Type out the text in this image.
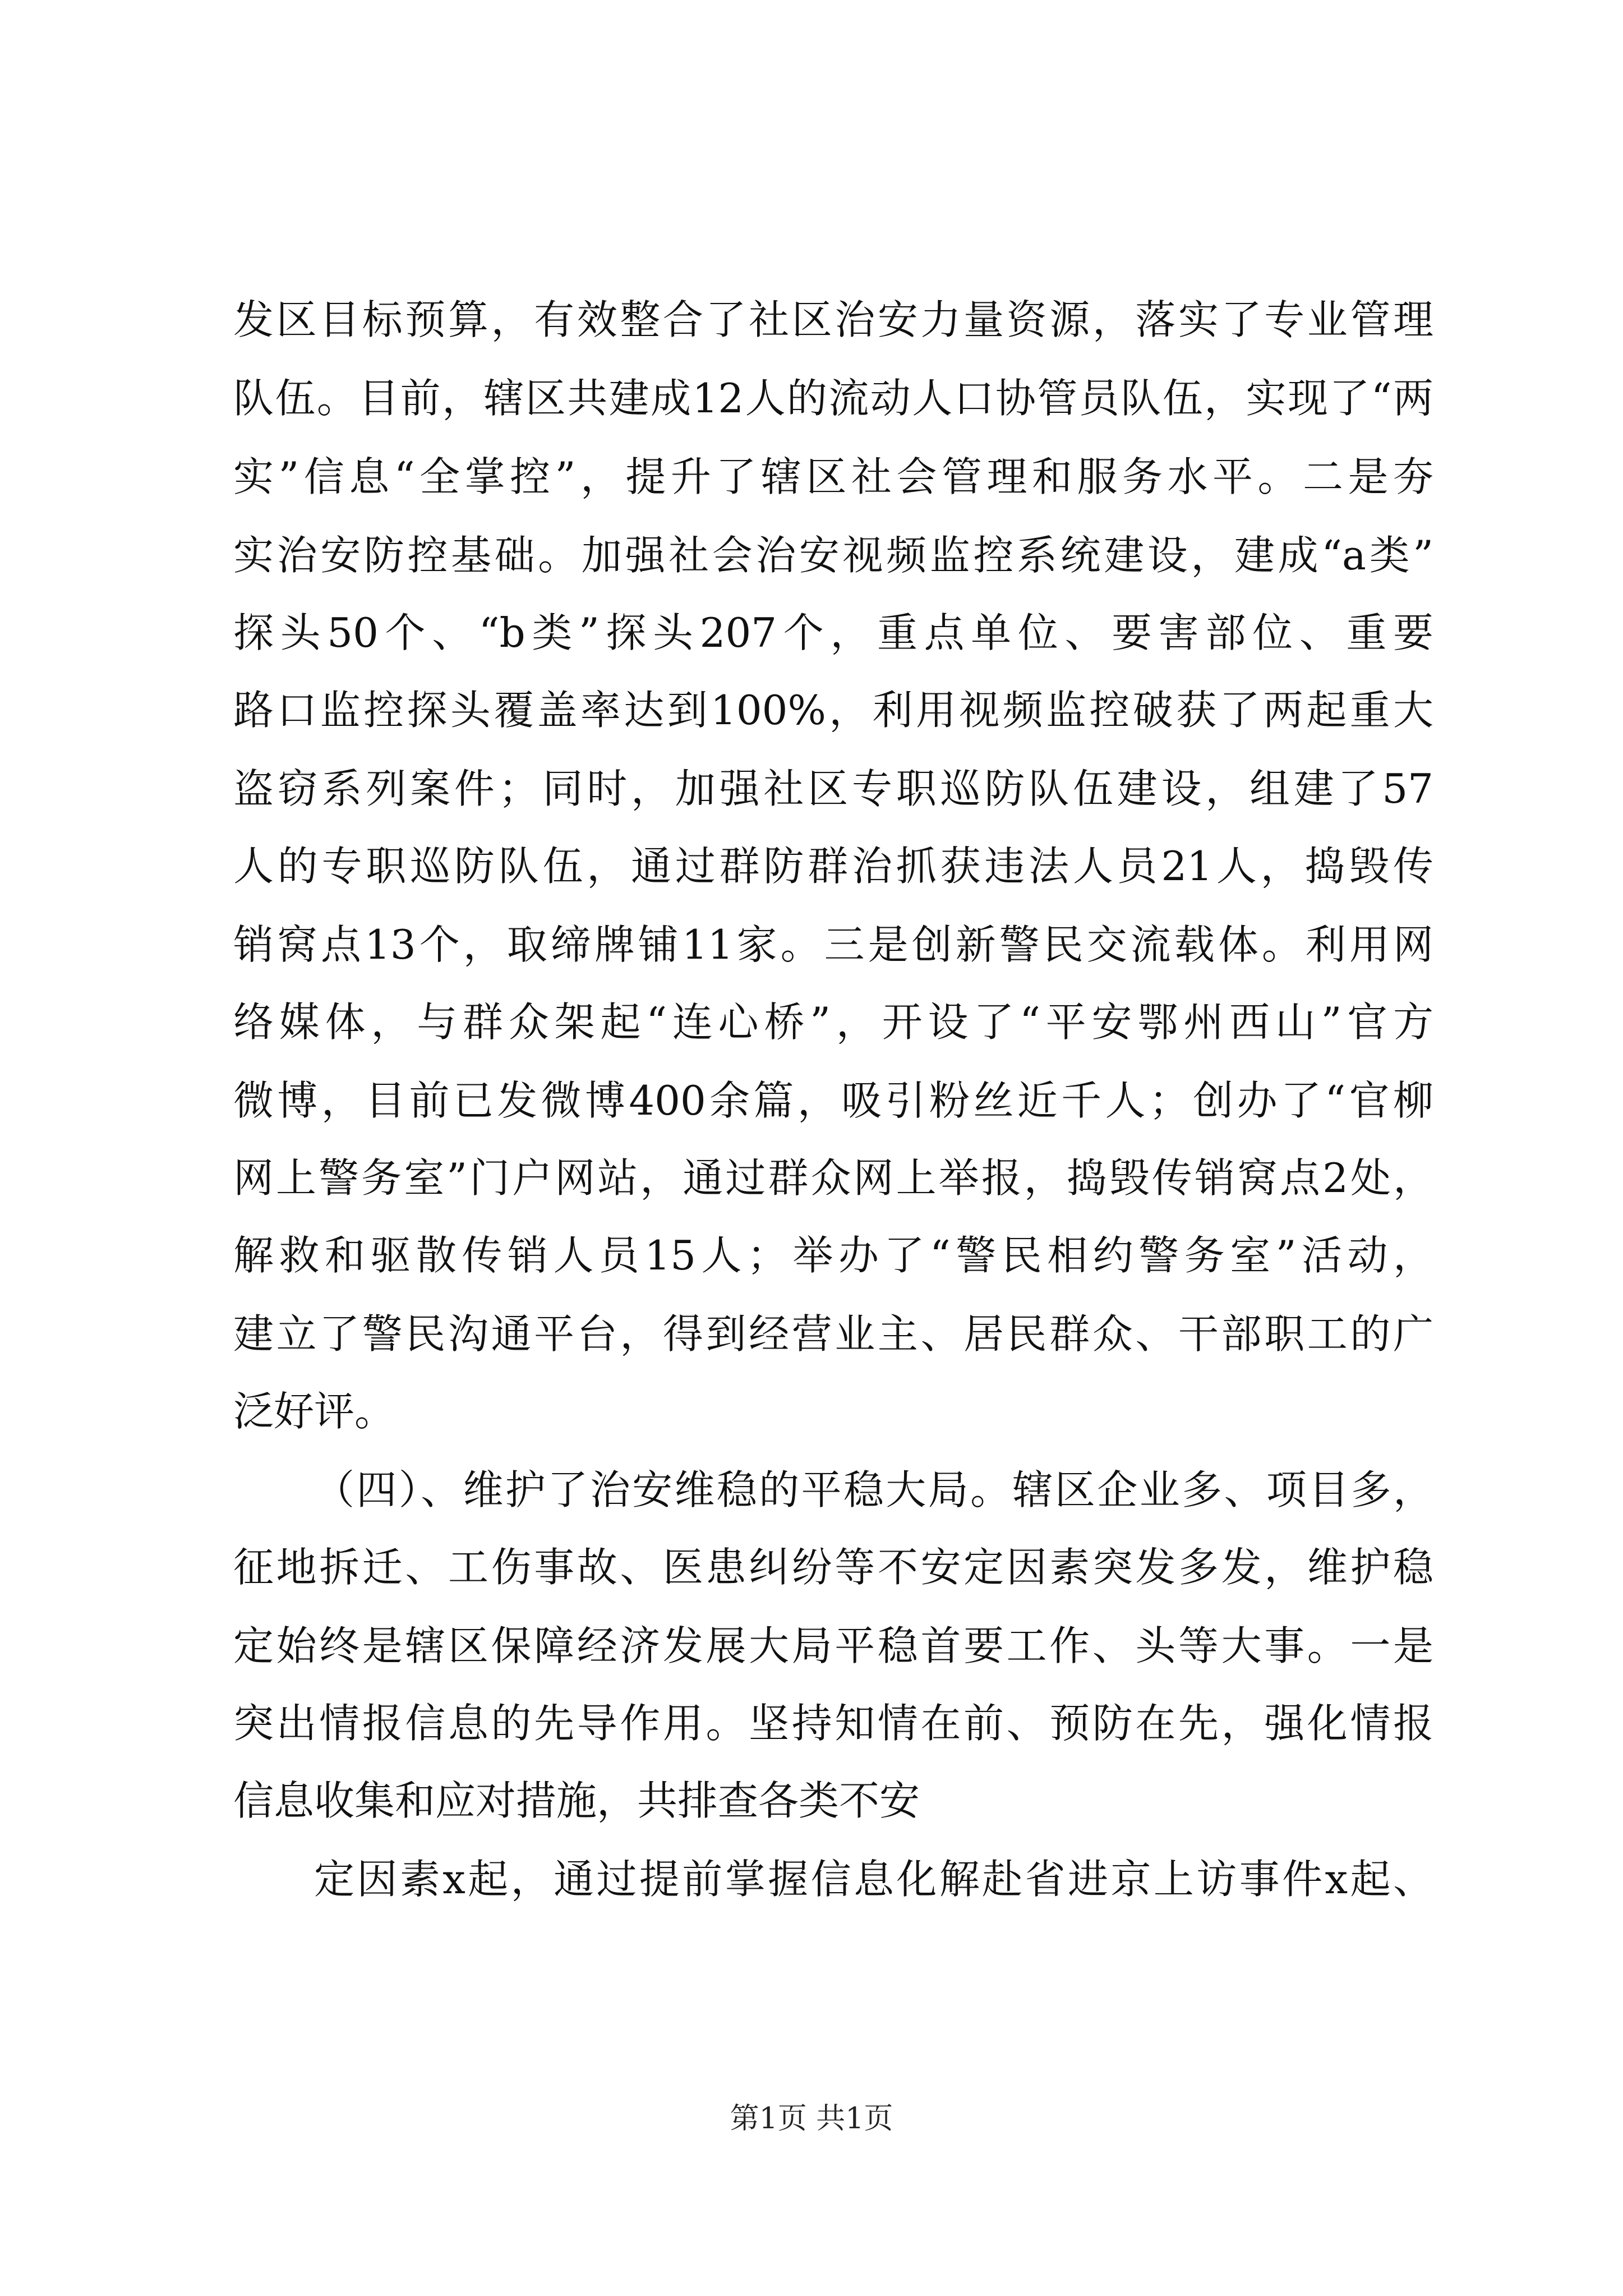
发区目标预算，有效整合了社区治安力量资源，落实了专业管理
队伍。目前，辖区共建成12人的流动人口协管员队伍，实现了“两
实”信息“全掌控”，提升了辖区社会管理和服务水平。二是夯
实治安防控基础。加强社会治安视频监控系统建设，建成“a类”
探头50个、“b类”探头207个，重点单位、要害部位、重要
路口监控探头覆盖率达到100%，利用视频监控破获了两起重大
盗窃系列案件；同时，加强社区专职巡防队伍建设，组建了57
人的专职巡防队伍，通过群防群治抓获违法人员21人，捣毁传
销窝点13个，取缔牌铺11家。三是创新警民交流载体。利用网
络媒体，与群众架起“连心桥”，开设了“平安鄂州西山”官方
微博，目前已发微博400余篇，吸引粉丝近千人；创办了“官柳
网上警务室”门户网站，通过群众网上举报，捣毁传销窝点2处，
解救和驱散传销人员15人；举办了“警民相约警务室”活动，
建立了警民沟通平台，得到经营业主、居民群众、干部职工的广
泛好评。
（四）、维护了治安维稳的平稳大局。辖区企业多、项目多，
征地拆迁、工伤事故、医患纠纷等不安定因素突发多发，维护稳
定始终是辖区保障经济发展大局平稳首要工作、头等大事。一是
突出情报信息的先导作用。坚持知情在前、预防在先，强化情报
信息收集和应对措施，共排查各类不安
定因素x起，通过提前掌握信息化解赴省进京上访事件x起、
第1页 共1页
